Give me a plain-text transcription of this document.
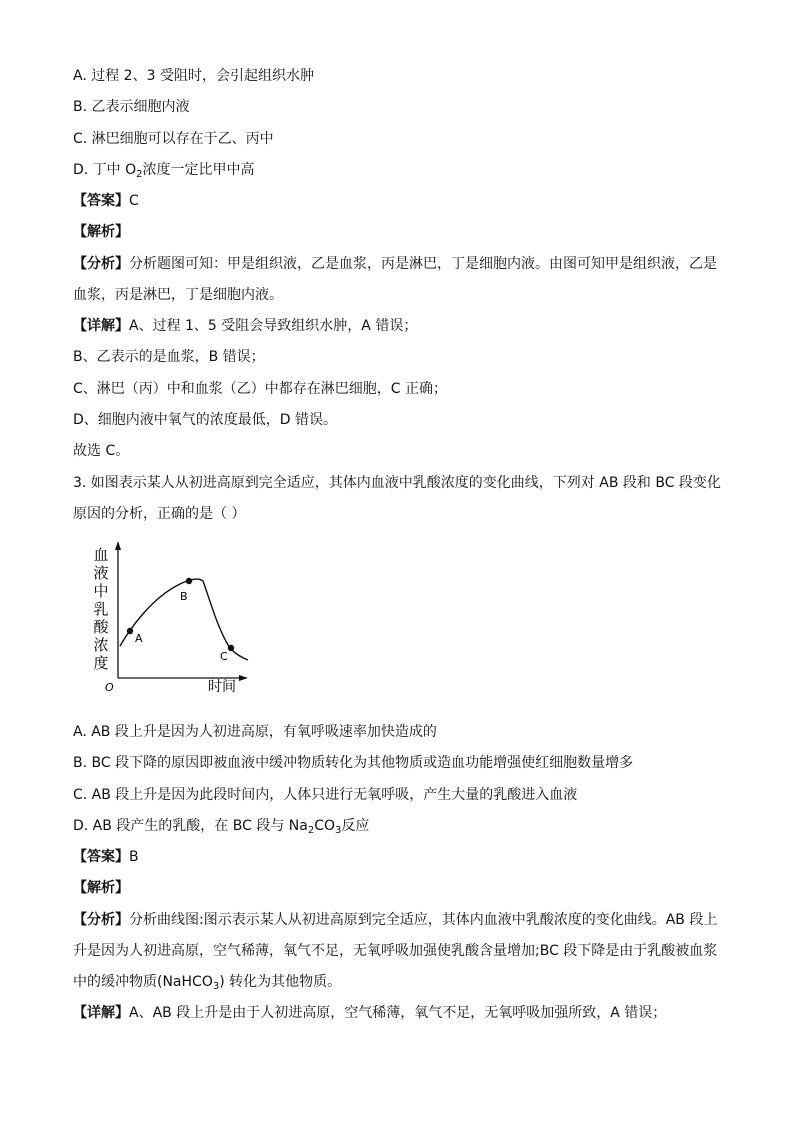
A. 过程 2、3 受阻时，会引起组织水肿
B. 乙表示细胞内液
C. 淋巴细胞可以存在于乙、丙中
D. 丁中 $O_2$浓度一定比甲中高
【答案】C
【解析】
【分析】分析题图可知：甲是组织液，乙是血浆，丙是淋巴，丁是细胞内液。由图可知甲是组织液，乙是
血浆，丙是淋巴，丁是细胞内液。
【详解】A、过程 1、5 受阻会导致组织水肿，A 错误；
B、乙表示的是血浆，B 错误；
C、淋巴（丙）中和血浆（乙）中都存在淋巴细胞，C 正确；
D、细胞内液中氧气的浓度最低，D 错误。
故选 C。
3. 如图表示某人从初进高原到完全适应，其体内血液中乳酸浓度的变化曲线，下列对 AB 段和 BC 段变化
原因的分析，正确的是（ ）
血
液
中
乳
酸
浓
度
O	时间
A
B
C
A. AB 段上升是因为人初进高原，有氧呼吸速率加快造成的
B. BC 段下降的原因即被血液中缓冲物质转化为其他物质或造血功能增强使红细胞数量增多
C. AB 段上升是因为此段时间内，人体只进行无氧呼吸，产生大量的乳酸进入血液
D. AB 段产生的乳酸，在 BC 段与 $Na_2CO_3$反应
【答案】B
【解析】
【分析】分析曲线图:图示表示某人从初进高原到完全适应，其体内血液中乳酸浓度的变化曲线。AB 段上
升是因为人初进高原，空气稀薄，氧气不足，无氧呼吸加强使乳酸含量增加;BC 段下降是由于乳酸被血浆
中的缓冲物质(NaHCO$_3$) 转化为其他物质。
【详解】A、AB 段上升是由于人初进高原，空气稀薄，氧气不足，无氧呼吸加强所致，A 错误；
